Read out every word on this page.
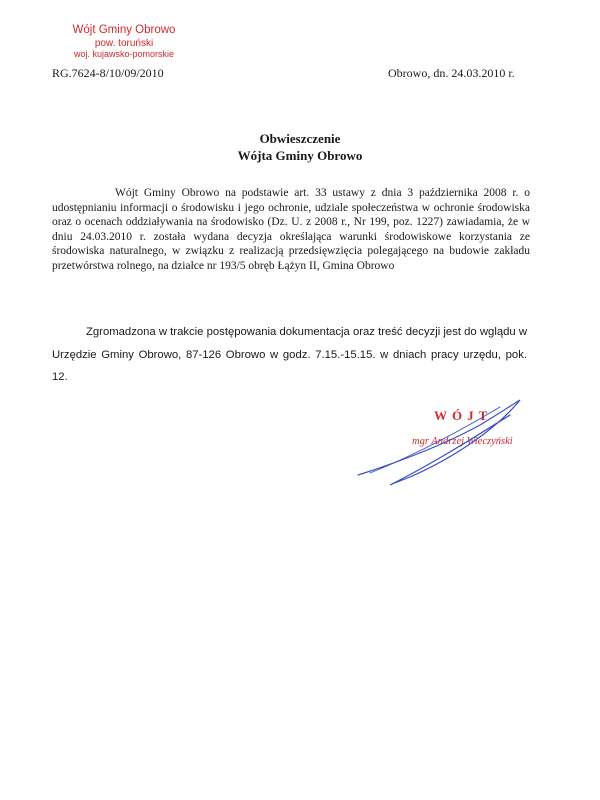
Wójt Gminy Obrowo
pow. toruński
woj. kujawsko-pomorskie
RG.7624-8/10/09/2010	Obrowo, dn. 24.03.2010 r.
Obwieszczenie
Wójta Gminy Obrowo
Wójt Gminy Obrowo na podstawie art. 33 ustawy z dnia 3 października 2008 r. o udostępnianiu informacji o środowisku i jego ochronie, udziale społeczeństwa w ochronie środowiska oraz o ocenach oddziaływania na środowisko (Dz. U. z 2008 r., Nr 199, poz. 1227) zawiadamia, że w dniu 24.03.2010 r. została wydana decyzja określająca warunki środowiskowe korzystania ze środowiska naturalnego, w związku z realizacją przedsięwzięcia polegającego na budowie zakładu przetwórstwa rolnego, na działce nr 193/5 obręb Łążyn II, Gmina Obrowo
Zgromadzona w trakcie postępowania dokumentacja oraz treść decyzji jest do wglądu w Urzędzie Gminy Obrowo, 87-126 Obrowo w godz. 7.15.-15.15. w dniach pracy urzędu, pok. 12.
WÓJT
mgr Andrzej Wieczyński
